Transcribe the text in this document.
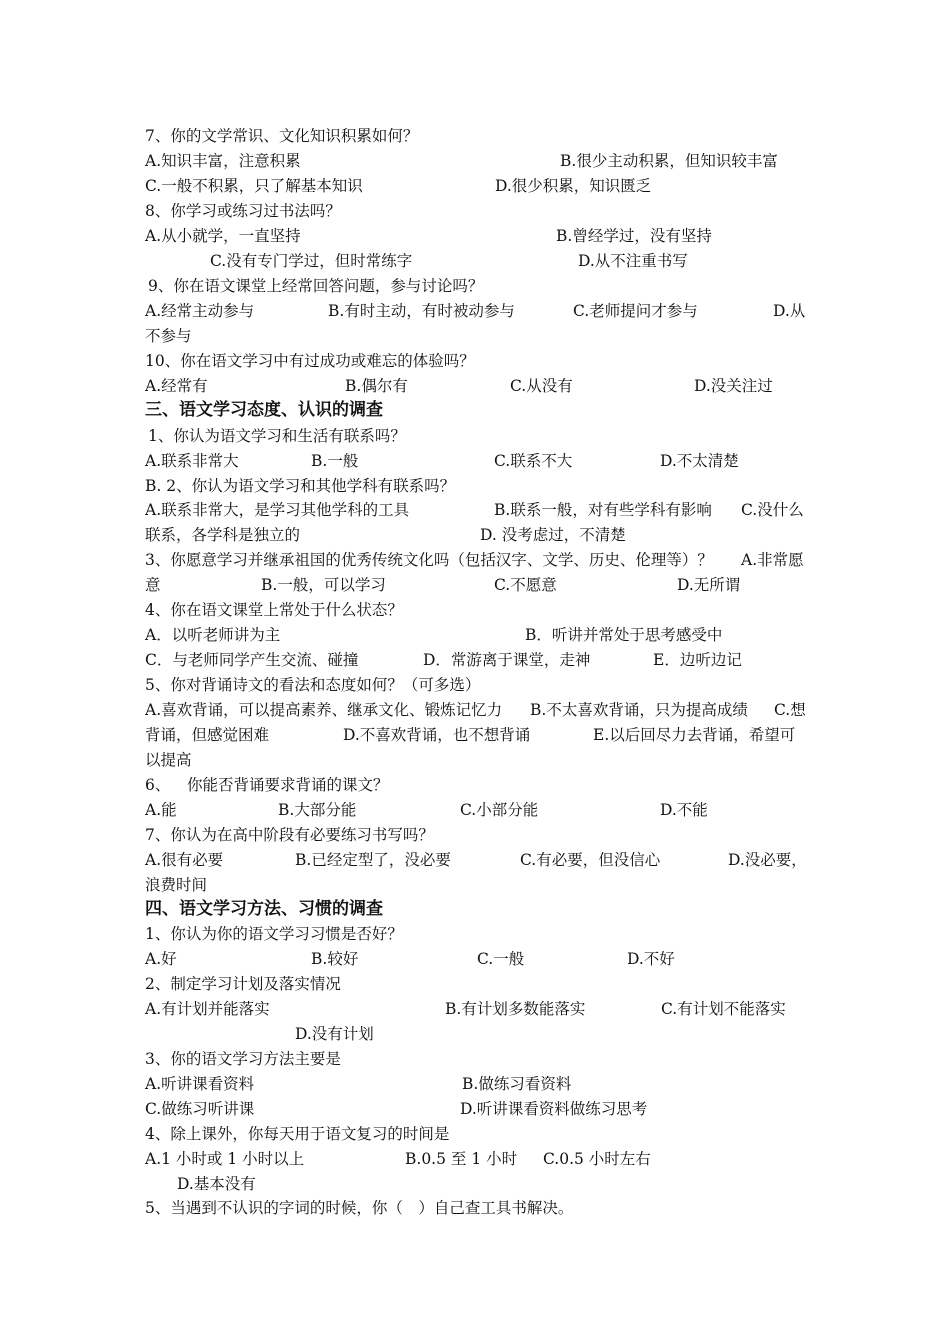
7、你的文学常识、文化知识积累如何？
A.知识丰富，注意积累	B.很少主动积累，但知识较丰富
C.一般不积累，只了解基本知识	D.很少积累，知识匮乏
8、你学习或练习过书法吗？
A.从小就学，一直坚持	B.曾经学过，没有坚持
C.没有专门学过，但时常练字	D.从不注重书写
9、你在语文课堂上经常回答问题，参与讨论吗？
A.经常主动参与	B.有时主动，有时被动参与	C.老师提问才参与	D.从
不参与
10、你在语文学习中有过成功或难忘的体验吗？
A.经常有	B.偶尔有	C.从没有	D.没关注过
三、语文学习态度、认识的调查
1、你认为语文学习和生活有联系吗？
A.联系非常大	B.一般	C.联系不大	D.不太清楚
B. 2、你认为语文学习和其他学科有联系吗？
A.联系非常大，是学习其他学科的工具	B.联系一般，对有些学科有影响 C.没什么
联系，各学科是独立的	D. 没考虑过，不清楚
3、你愿意学习并继承祖国的优秀传统文化吗（包括汉字、文学、历史、伦理等）？ A.非常愿
意	B.一般，可以学习	C.不愿意	D.无所谓
4、你在语文课堂上常处于什么状态？
A．以听老师讲为主	B．听讲并常处于思考感受中
C．与老师同学产生交流、碰撞	D．常游离于课堂，走神	E．边听边记
5、你对背诵诗文的看法和态度如何？（可多选）
A.喜欢背诵，可以提高素养、继承文化、锻炼记忆力 B.不太喜欢背诵，只为提高成绩 C.想
背诵，但感觉困难	D.不喜欢背诵，也不想背诵	E.以后回尽力去背诵，希望可
以提高
6、 你能否背诵要求背诵的课文？
A.能	B.大部分能	C.小部分能	D.不能
7、你认为在高中阶段有必要练习书写吗？
A.很有必要	B.已经定型了，没必要	C.有必要，但没信心	D.没必要，
浪费时间
四、语文学习方法、习惯的调查
1、你认为你的语文学习习惯是否好？
A.好	B.较好	C.一般	D.不好
2、制定学习计划及落实情况
A.有计划并能落实	B.有计划多数能落实	C.有计划不能落实
D.没有计划
3、你的语文学习方法主要是
A.听讲课看资料	B.做练习看资料
C.做练习听讲课	D.听讲课看资料做练习思考
4、除上课外，你每天用于语文复习的时间是
A.1 小时或 1 小时以上	B.0.5 至 1 小时 C.0.5 小时左右
D.基本没有
5、当遇到不认识的字词的时候，你（　）自己查工具书解决。
